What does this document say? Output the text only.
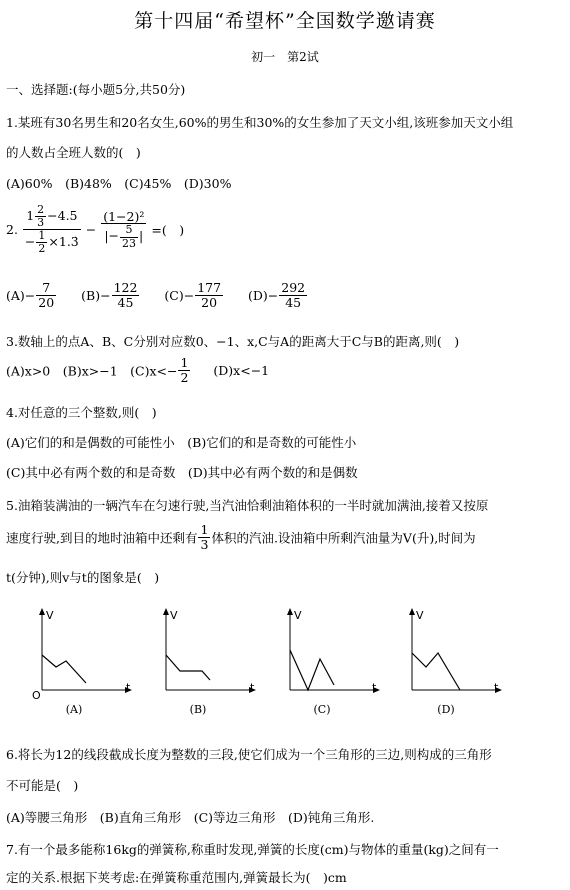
第十四届“希望杯”全国数学邀请赛
初一　第2试
一、选择题:(每小题5分,共50分)
1.某班有30名男生和20名女生,60%的男生和30%的女生参加了天文小组,该班参加天文小组
的人数占全班人数的(　)
(A)60%　(B)48%　(C)45%　(D)30%
2. $\frac{1 \frac{2}{3} -4.5}{- \frac{1}{2} \times 1.3̇} - \frac{\text{(1−2)²}}{|- \frac{5}{23} |}$ =(　)
$(A)- \frac{7}{20} (B)- \frac{122}{45} (C)- \frac{177}{20} (D)- \frac{292}{45}$
3.数轴上的点A、B、C分别对应数0、−1、x,C与A的距离大于C与B的距离,则(　)
(A)x>0　(B)x>−1　$(C)x<- \frac{1}{2} (D)x<-1$
4.对任意的三个整数,则(　)
(A)它们的和是偶数的可能性小　(B)它们的和是奇数的可能性小
(C)其中必有两个数的和是奇数　(D)其中必有两个数的和是偶数
5.油箱装满油的一辆汽车在匀速行驶,当汽油恰剩油箱体积的一半时就加满油,接着又按原
速度行驶,到目的地时油箱中还剩有 $\frac{1}{3}$ 体积的汽油.设油箱中所剩汽油量为V(升),时间为
t(分钟),则v与t的图象是(　)
V
O
t
V
t
V
t
V
t
(A)	(B)	(C)	(D)
6.将长为12的线段截成长度为整数的三段,使它们成为一个三角形的三边,则构成的三角形
不可能是(　)
(A)等腰三角形　(B)直角三角形　(C)等边三角形　(D)钝角三角形.
7.有一个最多能称16kg的弹簧称,称重时发现,弹簧的长度(cm)与物体的重量(kg)之间有一
定的关系.根据下荚考虑:在弹簧称重范围内,弹簧最长为(　)cm
